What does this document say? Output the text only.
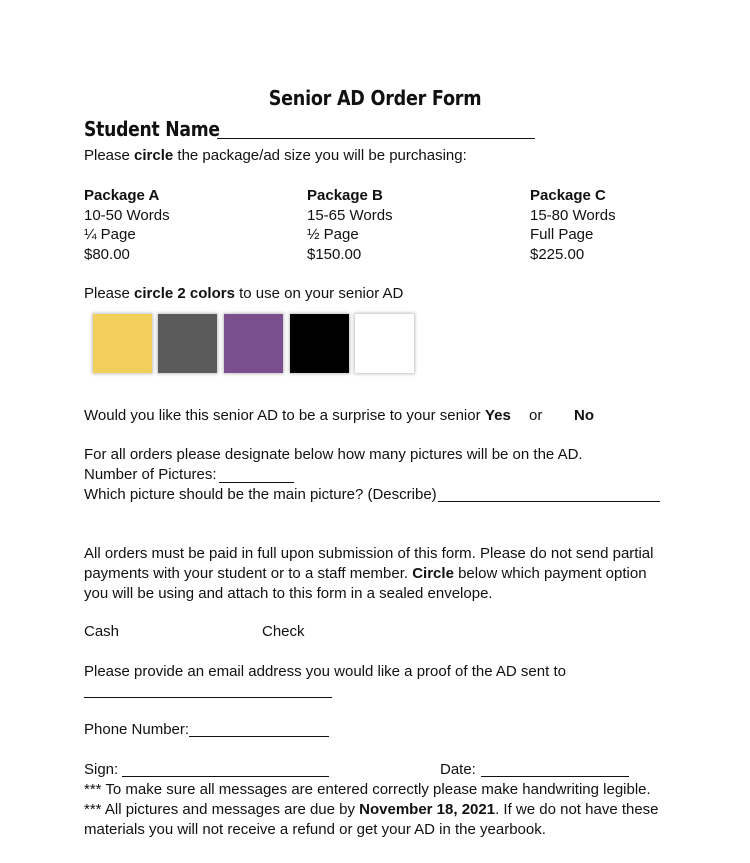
Senior AD Order Form
Student Name
Please circle the package/ad size you will be purchasing:
Package A
10-50 Words
¼ Page
$80.00
Package B
15-65 Words
½ Page
$150.00
Package C
15-80 Words
Full Page
$225.00
Please circle 2 colors to use on your senior AD
Would you like this senior AD to be a surprise to your senior Yes or No
For all orders please designate below how many pictures will be on the AD.
Number of Pictures:
Which picture should be the main picture? (Describe)
All orders must be paid in full upon submission of this form. Please do not send partial
payments with your student or to a staff member. Circle below which payment option
you will be using and attach to this form in a sealed envelope.
Cash	Check
Please provide an email address you would like a proof of the AD sent to
Phone Number:
Sign:	Date:
*** To make sure all messages are entered correctly please make handwriting legible.
*** All pictures and messages are due by November 18, 2021. If we do not have these
materials you will not receive a refund or get your AD in the yearbook.
